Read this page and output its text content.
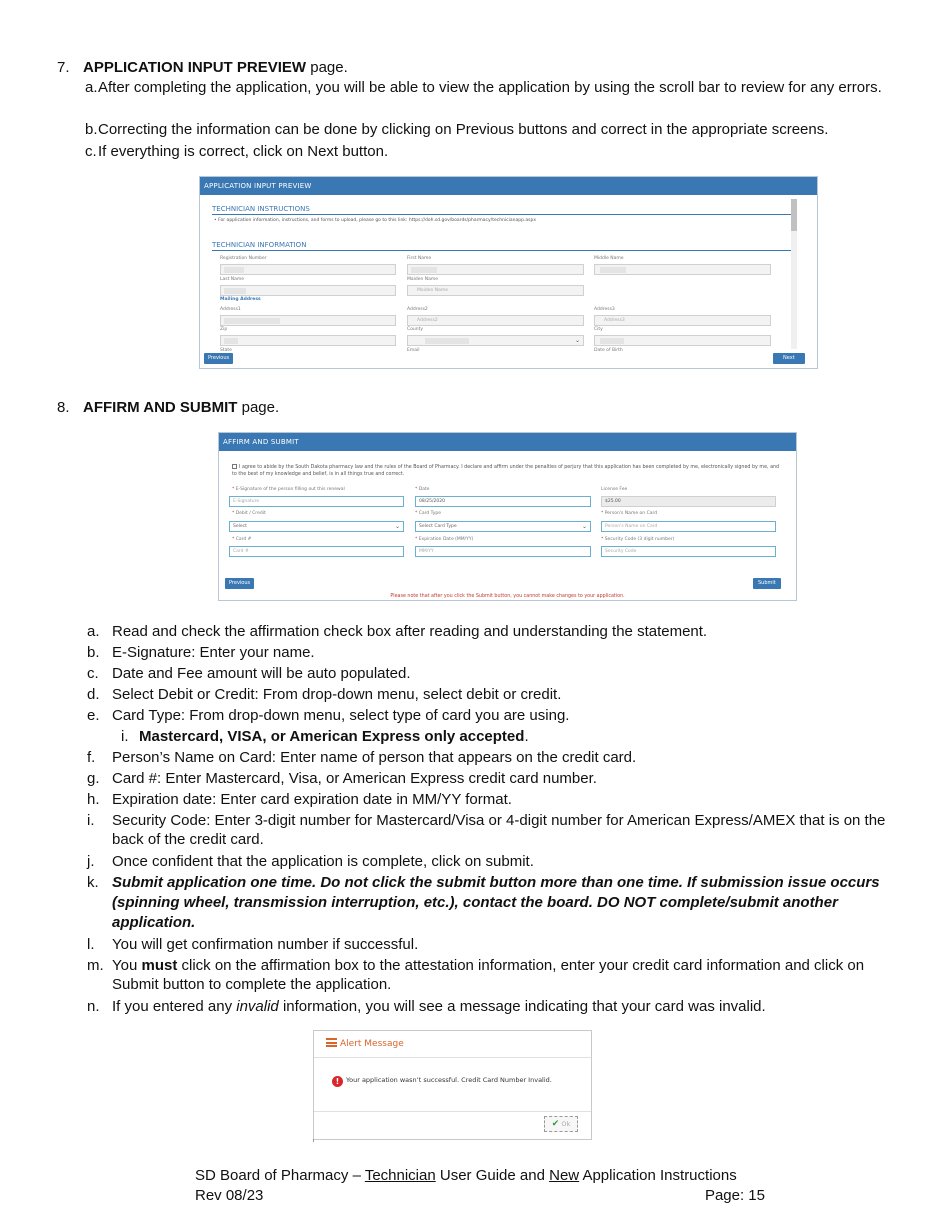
7. APPLICATION INPUT PREVIEW page.
a. After completing the application, you will be able to view the application by using the scroll bar to review for any errors.
b. Correcting the information can be done by clicking on Previous buttons and correct in the appropriate screens.
c. If everything is correct, click on Next button.
APPLICATION INPUT PREVIEW
TECHNICIAN INSTRUCTIONS
• For application information, instructions, and forms to upload, please go to this link: https://doh.sd.gov/boards/pharmacy/technicianapp.aspx
TECHNICIAN INFORMATION
Registration Number	First Name	Middle Name
Last Name	Maiden Name
Maiden Name
Mailing Address
Address1	Address2	Address3
Address2	Address3
Zip	County	City
⌄
State	Email	Date of Birth
Previous	Next
8. AFFIRM AND SUBMIT page.
AFFIRM AND SUBMIT
I agree to abide by the South Dakota pharmacy law and the rules of the Board of Pharmacy. I declare and affirm under the penalties of perjury that this application has been completed by me, electronically signed by me, and to the best of my knowledge and belief, is in all things true and correct.
* E-Signature of the person filling out this renewal	* Date	License Fee
E-Signature	08/25/2020	$25.00
* Debit / Credit	* Card Type	* Person's Name on Card
Select	⌄	Select Card Type	⌄	Person's Name on Card
* Card #	* Expiration Date (MM/YY)	* Security Code (3 digit number)
Card #	MM/YY	Security Code
Previous	Submit
Please note that after you click the Submit button, you cannot make changes to your application.
a. Read and check the affirmation check box after reading and understanding the statement.
b. E-Signature: Enter your name.
c. Date and Fee amount will be auto populated.
d. Select Debit or Credit: From drop-down menu, select debit or credit.
e. Card Type: From drop-down menu, select type of card you are using.
i. Mastercard, VISA, or American Express only accepted.
f.	Person’s Name on Card: Enter name of person that appears on the credit card.
g. Card #: Enter Mastercard, Visa, or American Express credit card number.
h. Expiration date: Enter card expiration date in MM/YY format.
i.	Security Code: Enter 3-digit number for Mastercard/Visa or 4-digit number for American Express/AMEX that is on the back of the credit card.
j.	Once confident that the application is complete, click on submit.
k. Submit application one time. Do not click the submit button more than one time. If submission issue occurs (spinning wheel, transmission interruption, etc.), contact the board. DO NOT complete/submit another application.
l.	You will get confirmation number if successful.
m. You must click on the affirmation box to the attestation information, enter your credit card information and click on Submit button to complete the application.
n. If you entered any invalid information, you will see a message indicating that your card was invalid.
Alert Message
! Your application wasn’t successful. Credit Card Number Invalid.
✔ Ok
SD Board of Pharmacy – Technician User Guide and New Application Instructions
Rev 08/23	Page: 15
